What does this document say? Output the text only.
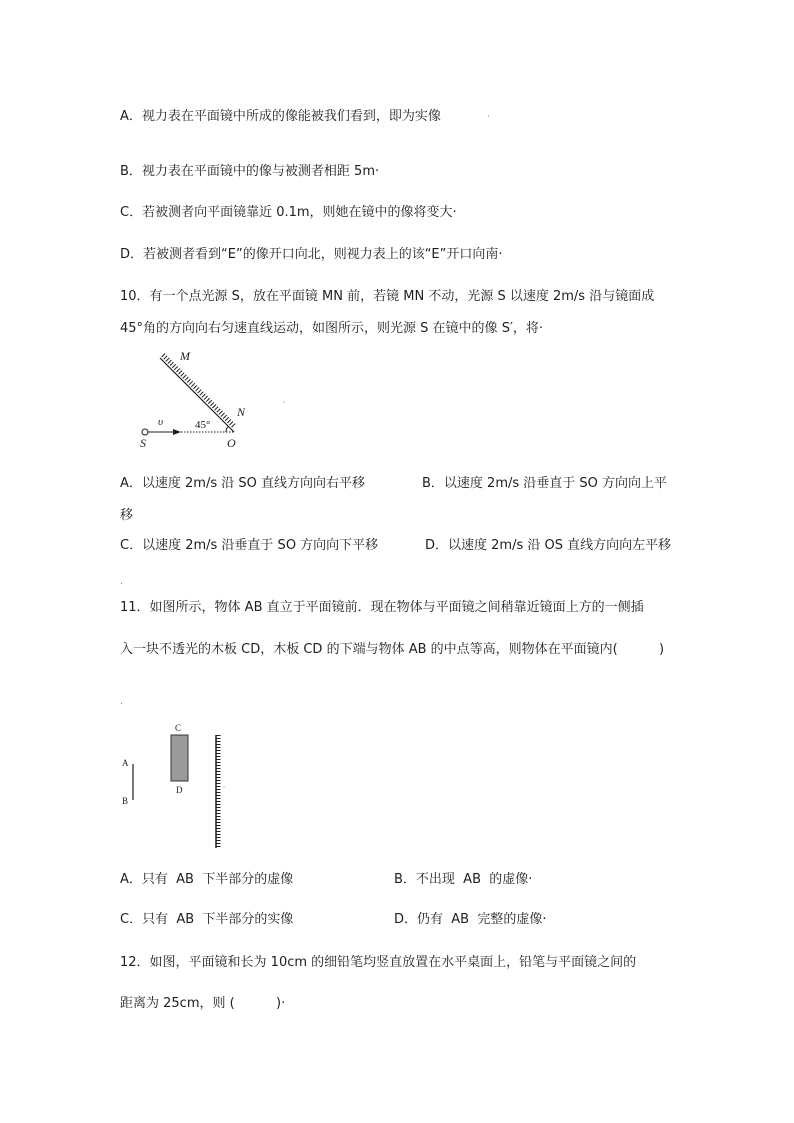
A．视力表在平面镜中所成的像能被我们看到，即为实像	·
B．视力表在平面镜中的像与被测者相距 5m·
C．若被测者向平面镜靠近 0.1m，则她在镜中的像将变大·
D．若被测者看到“E”的像开口向北，则视力表上的该“E”开口向南·
10．有一个点光源 S，放在平面镜 MN 前，若镜 MN 不动，光源 S 以速度 2m/s 沿与镜面成
45°角的方向向右匀速直线运动，如图所示，则光源 S 在镜中的像 S′，将·
M
N
υ	45°
S	O
A．以速度 2m/s 沿 SO 直线方向向右平移	B．以速度 2m/s 沿垂直于 SO 方向向上平
移
C．以速度 2m/s 沿垂直于 SO 方向向下平移	D．以速度 2m/s 沿 OS 直线方向向左平移
.
11．如图所示，物体 AB 直立于平面镜前．现在物体与平面镜之间稍靠近镜面上方的一侧插
入一块不透光的木板 CD，木板 CD 的下端与物体 AB 的中点等高，则物体在平面镜内(          )
.
A
B
C
D
A．只有  AB  下半部分的虚像	B．不出现  AB  的虚像·
C．只有  AB  下半部分的实像	D．仍有  AB  完整的虚像·
12．如图，平面镜和长为 10cm 的细铅笔均竖直放置在水平桌面上，铅笔与平面镜之间的
距离为 25cm，则 (          )·
